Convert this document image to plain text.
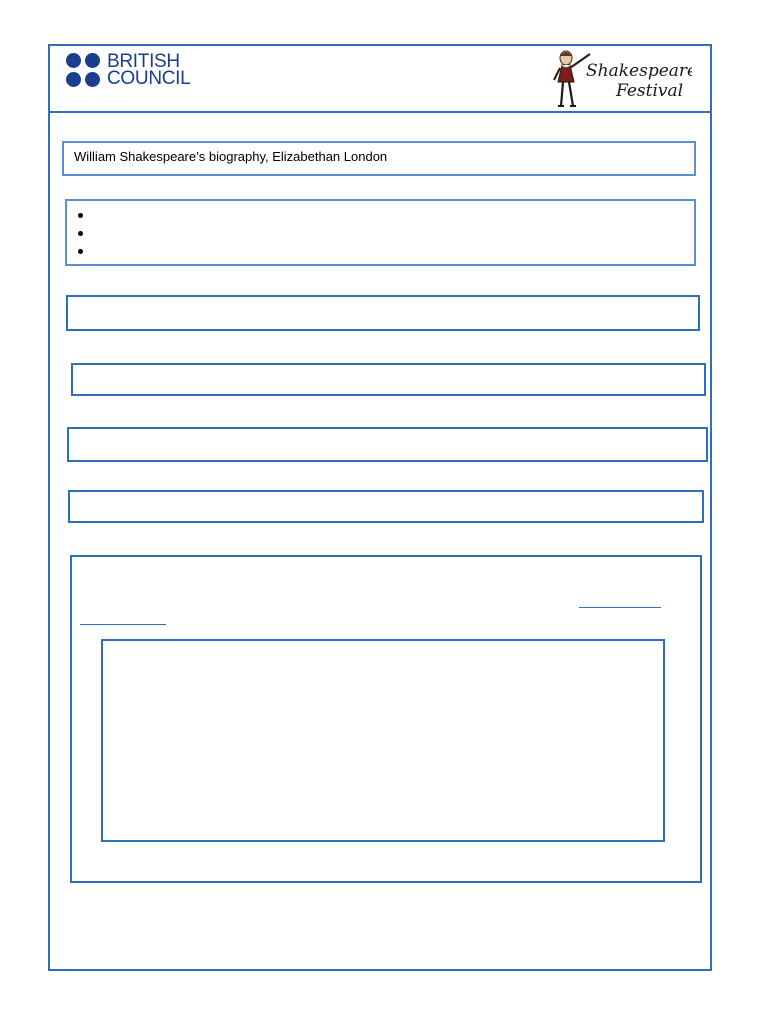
BRITISH
COUNCIL	Shakespeare
Festival
William Shakespeare’s biography, Elizabethan London
